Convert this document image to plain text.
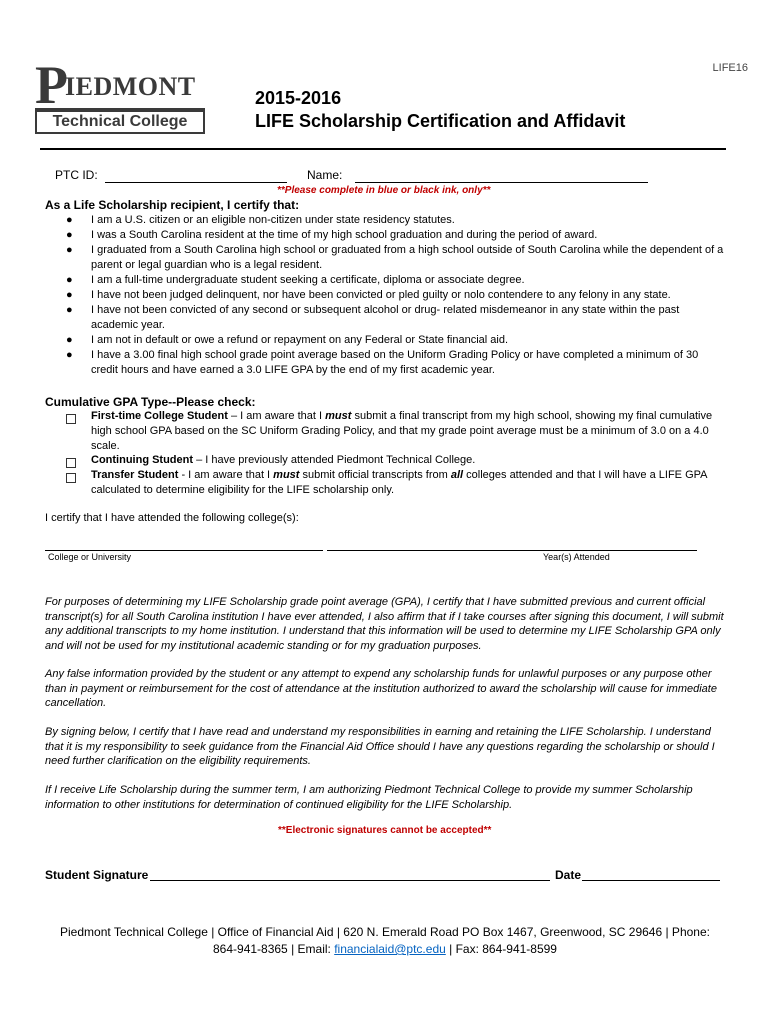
LIFE16
P
IEDMONT
Technical College
2015-2016
LIFE Scholarship Certification and Affidavit
PTC ID:	Name:
**Please complete in blue or black ink, only**
As a Life Scholarship recipient, I certify that:
● I am a U.S. citizen or an eligible non-citizen under state residency statutes.
● I was a South Carolina resident at the time of my high school graduation and during the period of award.
● I graduated from a South Carolina high school or graduated from a high school outside of South Carolina while the dependent of a parent or legal guardian who is a legal resident.
● I am a full-time undergraduate student seeking a certificate, diploma or associate degree.
● I have not been judged delinquent, nor have been convicted or pled guilty or nolo contendere to any felony in any state.
● I have not been convicted of any second or subsequent alcohol or drug- related misdemeanor in any state within the past academic year.
● I am not in default or owe a refund or repayment on any Federal or State financial aid.
● I have a 3.00 final high school grade point average based on the Uniform Grading Policy or have completed a minimum of 30 credit hours and have earned a 3.0 LIFE GPA by the end of my first academic year.
Cumulative GPA Type--Please check:
First-time College Student – I am aware that I must submit a final transcript from my high school, showing my final cumulative high school GPA based on the SC Uniform Grading Policy, and that my grade point average must be a minimum of 3.0 on a 4.0 scale.
Continuing Student – I have previously attended Piedmont Technical College.
Transfer Student - I am aware that I must submit official transcripts from all colleges attended and that I will have a LIFE GPA calculated to determine eligibility for the LIFE scholarship only.
I certify that I have attended the following college(s):
College or University	Year(s) Attended
For purposes of determining my LIFE Scholarship grade point average (GPA), I certify that I have submitted previous and current official transcript(s) for all South Carolina institution I have ever attended, I also affirm that if I take courses after signing this document, I will submit any additional transcripts to my home institution. I understand that this information will be used to determine my LIFE Scholarship GPA only and will not be used for my institutional academic standing or for my graduation purposes.
Any false information provided by the student or any attempt to expend any scholarship funds for unlawful purposes or any purpose other than in payment or reimbursement for the cost of attendance at the institution authorized to award the scholarship will cause for immediate cancellation.
By signing below, I certify that I have read and understand my responsibilities in earning and retaining the LIFE Scholarship. I understand that it is my responsibility to seek guidance from the Financial Aid Office should I have any questions regarding the scholarship or should I need further clarification on the eligibility requirements.
If I receive Life Scholarship during the summer term, I am authorizing Piedmont Technical College to provide my summer Scholarship information to other institutions for determination of continued eligibility for the LIFE Scholarship.
**Electronic signatures cannot be accepted**
Student Signature	Date
Piedmont Technical College | Office of Financial Aid | 620 N. Emerald Road PO Box 1467, Greenwood, SC 29646 | Phone:
864-941-8365 | Email: financialaid@ptc.edu | Fax: 864-941-8599
